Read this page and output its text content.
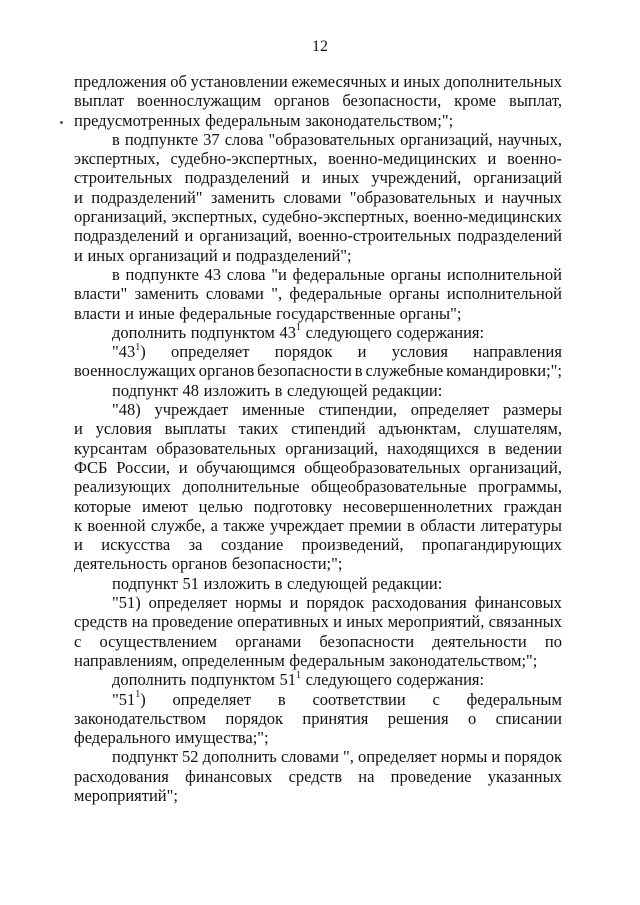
12
предложения об установлении ежемесячных и иных дополнительных
выплат военнослужащим органов безопасности, кроме выплат,
предусмотренных федеральным законодательством;";
в подпункте 37 слова "образовательных организаций, научных,
экспертных, судебно-экспертных, военно-медицинских и военно-
строительных подразделений и иных учреждений, организаций
и подразделений" заменить словами "образовательных и научных
организаций, экспертных, судебно-экспертных, военно-медицинских
подразделений и организаций, военно-строительных подразделений
и иных организаций и подразделений";
в подпункте 43 слова "и федеральные органы исполнительной
власти" заменить словами ", федеральные органы исполнительной
власти и иные федеральные государственные органы";
дополнить подпунктом $43^1$ следующего содержания:
"$43^1$) определяет порядок и условия направления
военнослужащих органов безопасности в служебные командировки;";
подпункт 48 изложить в следующей редакции:
"48) учреждает именные стипендии, определяет размеры
и условия выплаты таких стипендий адъюнктам, слушателям,
курсантам образовательных организаций, находящихся в ведении
ФСБ России, и обучающимся общеобразовательных организаций,
реализующих дополнительные общеобразовательные программы,
которые имеют целью подготовку несовершеннолетних граждан
к военной службе, а также учреждает премии в области литературы
и искусства за создание произведений, пропагандирующих
деятельность органов безопасности;";
подпункт 51 изложить в следующей редакции:
"51) определяет нормы и порядок расходования финансовых
средств на проведение оперативных и иных мероприятий, связанных
с осуществлением органами безопасности деятельности по
направлениям, определенным федеральным законодательством;";
дополнить подпунктом $51^1$ следующего содержания:
"$51^1$) определяет в соответствии с федеральным
законодательством порядок принятия решения о списании
федерального имущества;";
подпункт 52 дополнить словами ", определяет нормы и порядок
расходования финансовых средств на проведение указанных
мероприятий";
